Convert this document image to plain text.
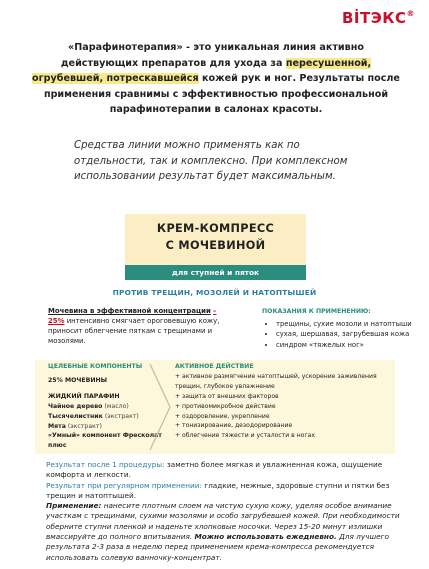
ВİТЭКС®
«Парафинотерапия» - это уникальная линия активно действующих препаратов для ухода за пересушенной, огрубевшей, потрескавшейся кожей рук и ног. Результаты после применения сравнимы с эффективностью профессиональной парафинотерапии в салонах красоты.
Средства линии можно применять как по отдельности, так и комплексно. При комплексном использовании результат будет максимальным.
КРЕМ-КОМПРЕСС
С МОЧЕВИНОЙ
для ступней и пяток
ПРОТИВ ТРЕЩИН, МОЗОЛЕЙ И НАТОПТЫШЕЙ
Мочевина в эффективной концентрации – 25% интенсивно смягчает ороговевшую кожу, приносит облегчение пяткам с трещинами и мозолями.
ПОКАЗАНИЯ К ПРИМЕНЕНИЮ:
• трещины, сухие мозоли и натоптыши
• сухая, шершавая, загрубевшая кожа
• синдром «тяжелых ног»
ЦЕЛЕБНЫЕ КОМПОНЕНТЫ
25% МОЧЕВИНЫ
ЖИДКИЙ ПАРАФИН
Чайное дерево (масло)
Тысячелистник (экстракт)
Мята (экстракт)
«Умный» компонент Фресколат плюс
АКТИВНОЕ ДЕЙСТВИЕ
+ активное размягчение натоптышей, ускорение заживления трещин, глубокое увлажнение
+ защита от внешних факторов
+ противомикробное действие
+ оздоровление, укрепление
+ тонизирование, дезодорирование
+ облегчение тяжести и усталости в ногах

Результат после 1 процедуры: заметно более мягкая и увлажненная кожа, ощущение комфорта и легкости.

Результат при регулярном применении: гладкие, нежные, здоровые ступни и пятки без трещин и натоптышей.

Применение: нанесите плотным слоем на чистую сухую кожу, уделяя особое внимание участкам с трещинами, сухими мозолями и особо загрубевшей кожей. При необходимости оберните ступни пленкой и наденьте хлопковые носочки. Через 15-20 минут излишки вмассируйте до полного впитывания. Можно использовать ежедневно. Для лучшего результата 2-3 раза в неделю перед применением крема-компресса рекомендуется использовать солевую ванночку-концентрат.
